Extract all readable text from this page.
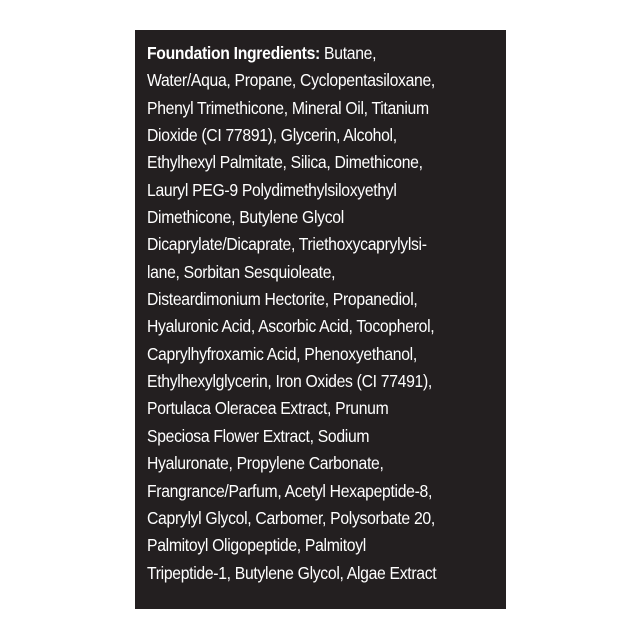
Foundation Ingredients: Butane,
Water/Aqua, Propane, Cyclopentasiloxane,
Phenyl Trimethicone, Mineral Oil, Titanium
Dioxide (CI 77891), Glycerin, Alcohol,
Ethylhexyl Palmitate, Silica, Dimethicone,
Lauryl PEG-9 Polydimethylsiloxyethyl
Dimethicone, Butylene Glycol
Dicaprylate/Dicaprate, Triethoxycaprylylsi-
lane, Sorbitan Sesquioleate,
Disteardimonium Hectorite, Propanediol,
Hyaluronic Acid, Ascorbic Acid, Tocopherol,
Caprylhyfroxamic Acid, Phenoxyethanol,
Ethylhexylglycerin, Iron Oxides (CI 77491),
Portulaca Oleracea Extract, Prunum
Speciosa Flower Extract, Sodium
Hyaluronate, Propylene Carbonate,
Frangrance/Parfum, Acetyl Hexapeptide-8,
Caprylyl Glycol, Carbomer, Polysorbate 20,
Palmitoyl Oligopeptide, Palmitoyl
Tripeptide-1, Butylene Glycol, Algae Extract
